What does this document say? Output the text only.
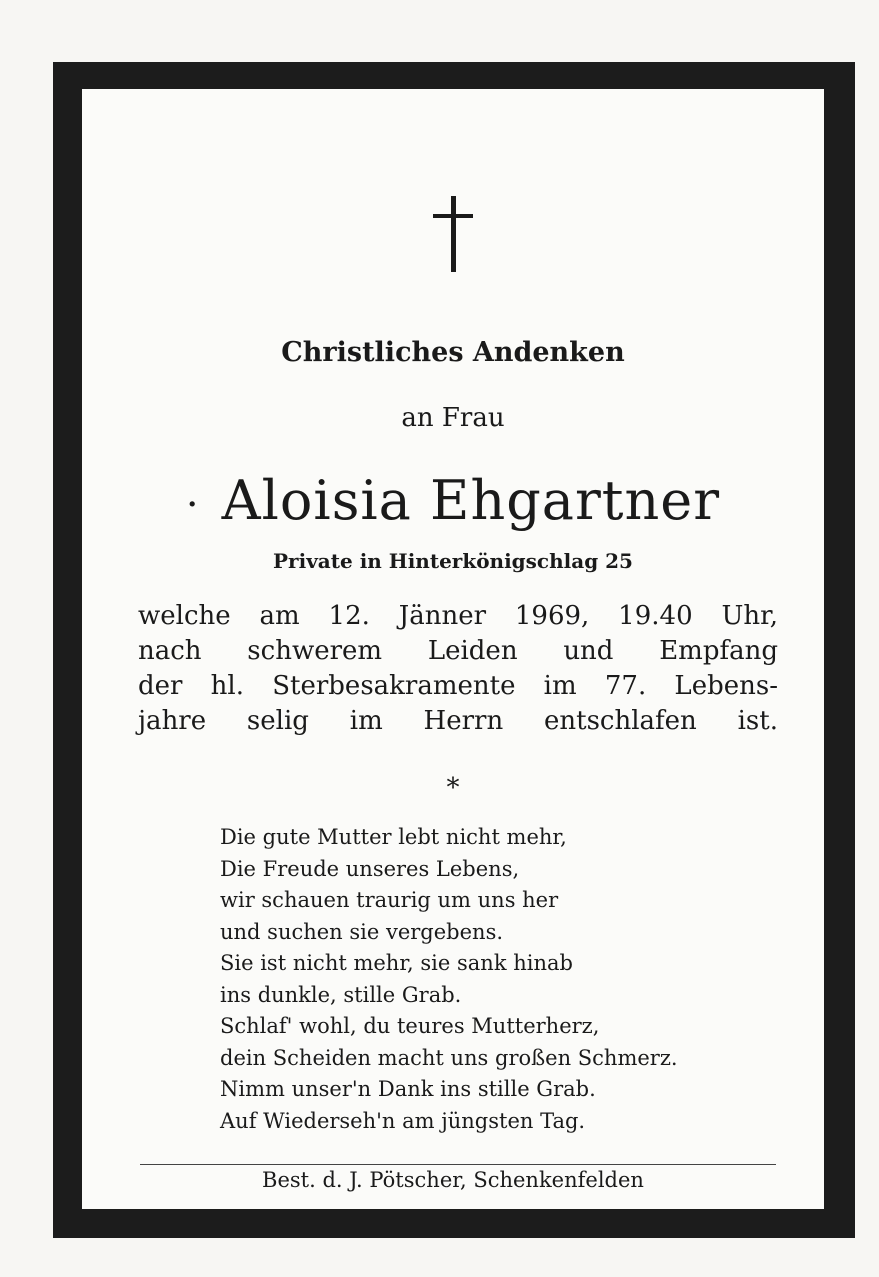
Christliches Andenken
an Frau
· Aloisia Ehgartner
Private in Hinterkönigschlag 25
welche am 12. Jänner 1969, 19.40 Uhr,
nach schwerem Leiden und Empfang
der hl. Sterbesakramente im 77. Lebens-
jahre selig im Herrn entschlafen ist.
*
Die gute Mutter lebt nicht mehr,
Die Freude unseres Lebens,
wir schauen traurig um uns her
und suchen sie vergebens.
Sie ist nicht mehr, sie sank hinab
ins dunkle, stille Grab.
Schlaf' wohl, du teures Mutterherz,
dein Scheiden macht uns großen Schmerz.
Nimm unser'n Dank ins stille Grab.
Auf Wiederseh'n am jüngsten Tag.
Best. d. J. Pötscher, Schenkenfelden
